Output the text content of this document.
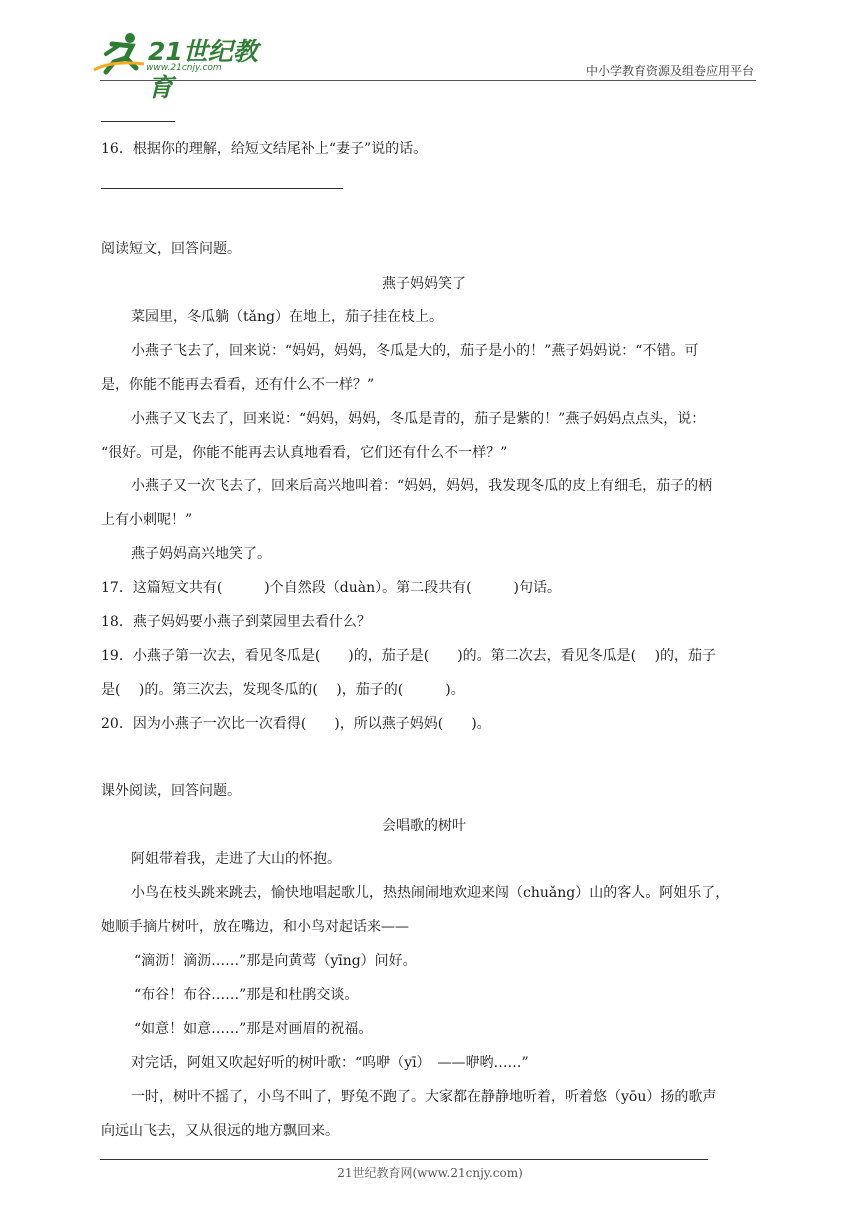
21世纪教育
www.21cnjy.com	中小学教育资源及组卷应用平台
16．根据你的理解，给短文结尾补上“妻子”说的话。
阅读短文，回答问题。
燕子妈妈笑了
菜园里，冬瓜躺（tǎng）在地上，茄子挂在枝上。
小燕子飞去了，回来说：“妈妈，妈妈，冬瓜是大的，茄子是小的！”燕子妈妈说：“不错。可
是，你能不能再去看看，还有什么不一样？”
小燕子又飞去了，回来说：“妈妈，妈妈，冬瓜是青的，茄子是紫的！”燕子妈妈点点头，说：
“很好。可是，你能不能再去认真地看看，它们还有什么不一样？”
小燕子又一次飞去了，回来后高兴地叫着：“妈妈，妈妈，我发现冬瓜的皮上有细毛，茄子的柄
上有小刺呢！”
燕子妈妈高兴地笑了。
17．这篇短文共有(　　　)个自然段（duàn）。第二段共有(　　　)句话。
18．燕子妈妈要小燕子到菜园里去看什么？
19．小燕子第一次去，看见冬瓜是(　　)的，茄子是(　　)的。第二次去，看见冬瓜是(　 )的，茄子
是(　 )的。第三次去，发现冬瓜的(　 )，茄子的(　　　)。
20．因为小燕子一次比一次看得(　　)，所以燕子妈妈(　　)。
课外阅读，回答问题。
会唱歌的树叶
阿姐带着我，走进了大山的怀抱。
小鸟在枝头跳来跳去，愉快地唱起歌儿，热热闹闹地欢迎来闯（chuǎng）山的客人。阿姐乐了，
她顺手摘片树叶，放在嘴边，和小鸟对起话来——
“滴沥！滴沥……”那是向黄莺（yīng）问好。
“布谷！布谷……”那是和杜鹃交谈。
“如意！如意……”那是对画眉的祝福。
对完话，阿姐又吹起好听的树叶歌：“呜咿（yī）　——咿哟……”
一时，树叶不摇了，小鸟不叫了，野兔不跑了。大家都在静静地听着，听着悠（yōu）扬的歌声
向远山飞去，又从很远的地方飘回来。
21世纪教育网(www.21cnjy.com)
